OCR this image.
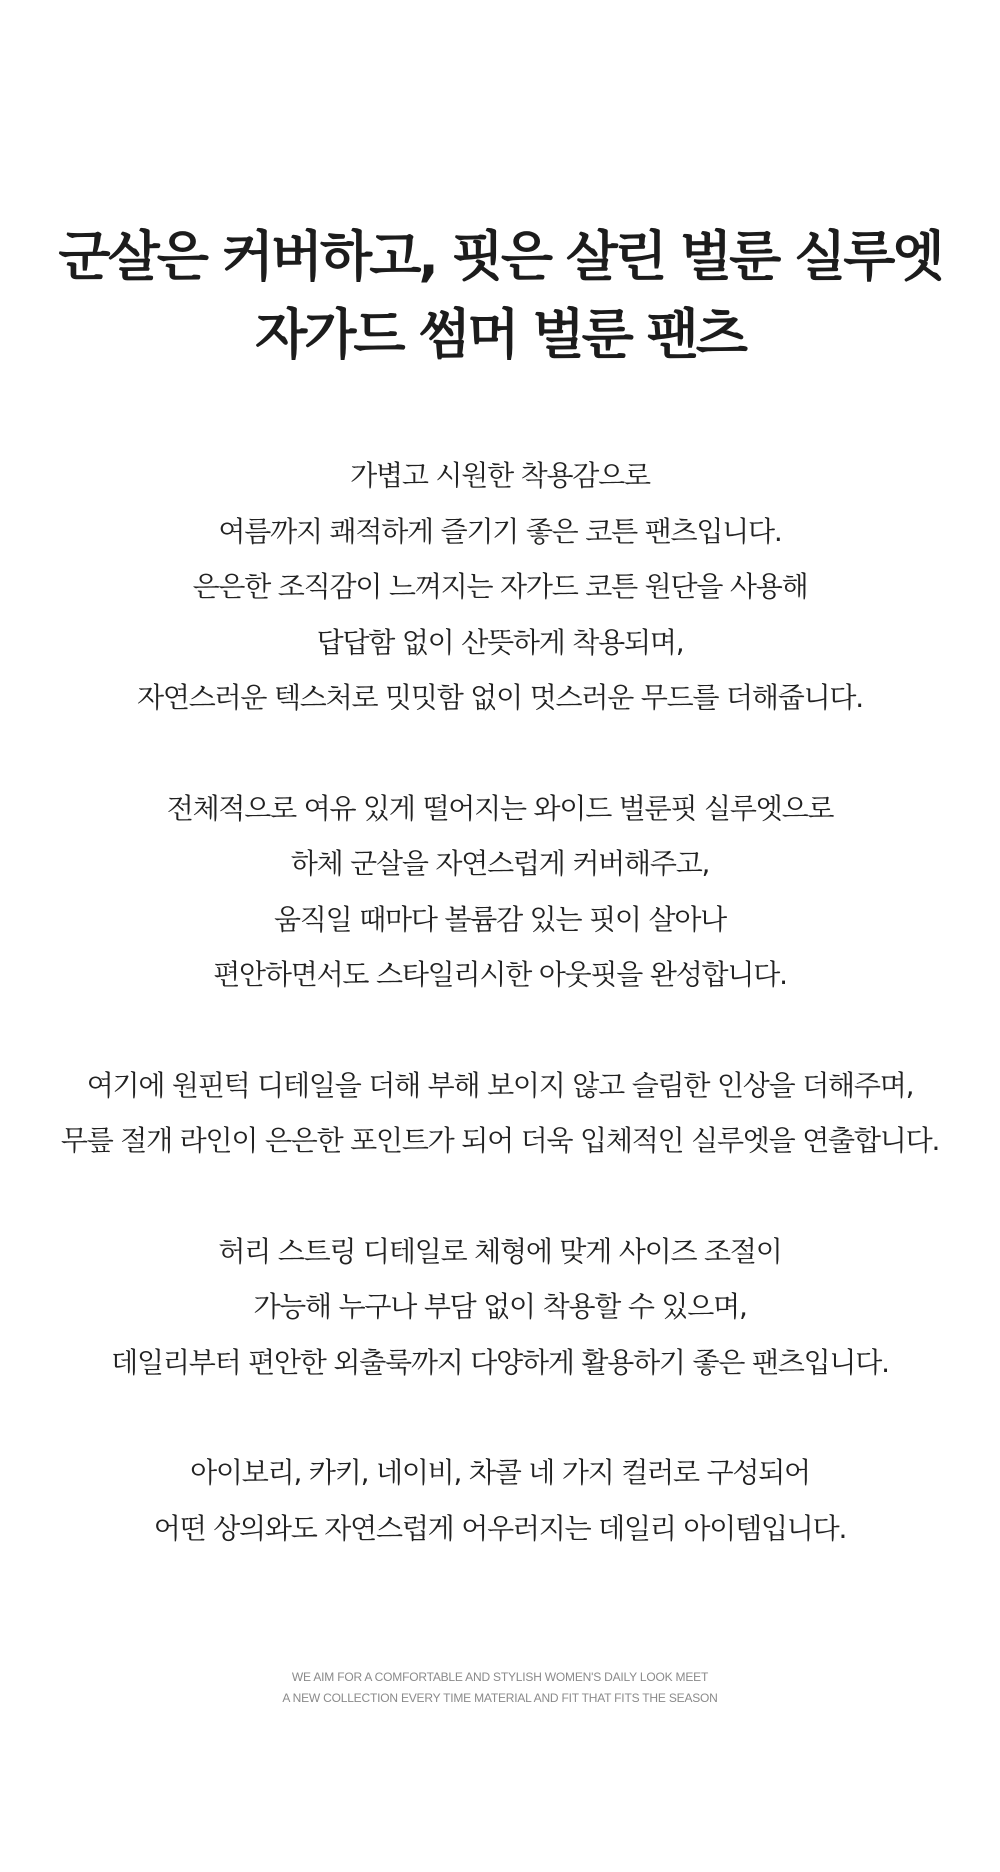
군살은 커버하고, 핏은 살린 벌룬 실루엣
자가드 썸머 벌룬 팬츠

가볍고 시원한 착용감으로
여름까지 쾌적하게 즐기기 좋은 코튼 팬츠입니다.
은은한 조직감이 느껴지는 자가드 코튼 원단을 사용해
답답함 없이 산뜻하게 착용되며,
자연스러운 텍스처로 밋밋함 없이 멋스러운 무드를 더해줍니다.

전체적으로 여유 있게 떨어지는 와이드 벌룬핏 실루엣으로
하체 군살을 자연스럽게 커버해주고,
움직일 때마다 볼륨감 있는 핏이 살아나
편안하면서도 스타일리시한 아웃핏을 완성합니다.

여기에 원핀턱 디테일을 더해 부해 보이지 않고 슬림한 인상을 더해주며,
무릎 절개 라인이 은은한 포인트가 되어 더욱 입체적인 실루엣을 연출합니다.

허리 스트링 디테일로 체형에 맞게 사이즈 조절이
가능해 누구나 부담 없이 착용할 수 있으며,
데일리부터 편안한 외출룩까지 다양하게 활용하기 좋은 팬츠입니다.

아이보리, 카키, 네이비, 차콜 네 가지 컬러로 구성되어
어떤 상의와도 자연스럽게 어우러지는 데일리 아이템입니다.

WE AIM FOR A COMFORTABLE AND STYLISH WOMEN'S DAILY LOOK MEET
A NEW COLLECTION EVERY TIME MATERIAL AND FIT THAT FITS THE SEASON
